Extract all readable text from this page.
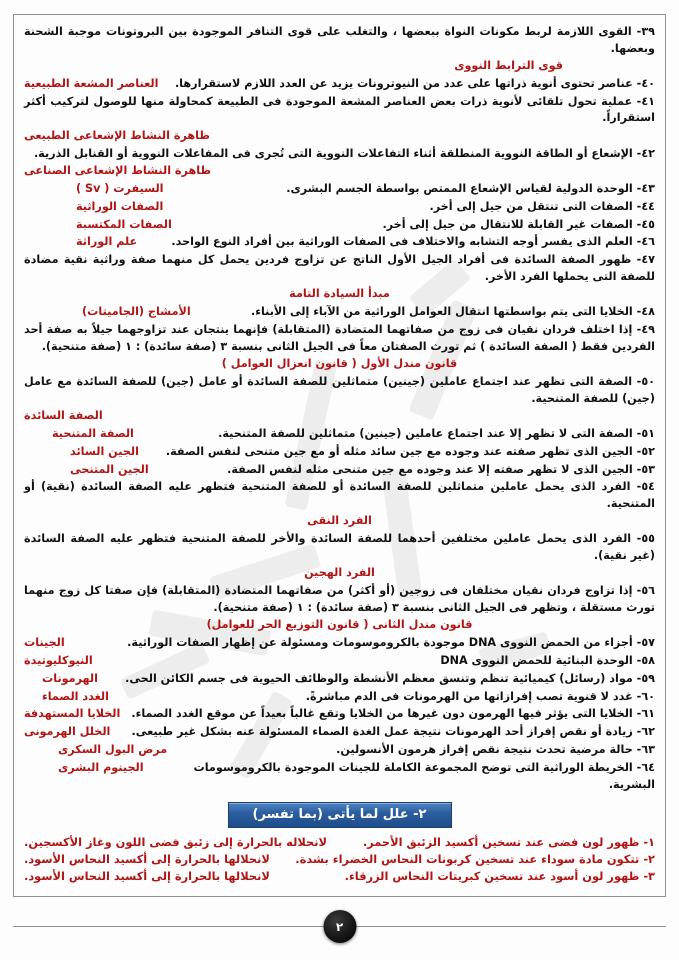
٣٩- القوى اللازمة لربط مكونات النواة ببعضها ، والتغلب على قوى التنافر الموجودة بين البروتونات موجبة الشحنة وبعضها.
قوى الترابط النووى
٤٠- عناصر تحتوى أنوية ذراتها على عدد من النيوترونات يزيد عن العدد اللازم لاستقرارها.
العناصر المشعة الطبيعية
٤١- عملية تحول تلقائى لأنوية ذرات بعض العناصر المشعة الموجودة فى الطبيعة كمحاولة منها للوصول لتركيب أكثر استقراراً.
ظاهرة النشاط الإشعاعى الطبيعى
٤٢- الإشعاع أو الطاقة النووية المنطلقة أثناء التفاعلات النووية التى تُجرى فى المفاعلات النووية أو القنابل الذرية.
ظاهرة النشاط الإشعاعى الصناعى
٤٣- الوحدة الدولية لقياس الإشعاع الممتص بواسطة الجسم البشرى.
السيفرت ( Sv )
٤٤- الصفات التى تنتقل من جيل إلى أخر.
الصفات الوراثية
٤٥- الصفات غير القابلة للانتقال من جيل إلى أخر.
الصفات المكتسبة
٤٦- العلم الذى يفسر أوجه التشابه والاختلاف فى الصفات الوراثية بين أفراد النوع الواحد.
علم الوراثة
٤٧- ظهور الصفة السائدة فى أفراد الجيل الأول الناتج عن تزاوج فردين يحمل كل منهما صفة وراثية نقية مضادة للصفة التى يحملها الفرد الأخر.
مبدأ السيادة التامة
٤٨- الخلايا التى يتم بواسطتها انتقال العوامل الوراثية من الآباء إلى الأبناء.
الأمشاج (الجاميتات)
٤٩- إذا اختلف فردان نقيان فى زوج من صفاتهما المتضادة (المتقابلة) فإنهما ينتجان عند تزاوجهما جيلاً به صفة أحد الفردين فقط ( الصفة السائدة ) ثم تورث الصفتان معاً فى الجيل الثانى بنسبة ٣ (صفة سائدة) : ١ (صفة متنحية).
قانون مندل الأول ( قانون انعزال العوامل )
٥٠- الصفة التى تظهر عند اجتماع عاملين (جينين) متماثلين للصفة السائدة أو عامل (جين) للصفة السائدة مع عامل (جين) للصفة المتنحية.
الصفة السائدة
٥١- الصفة التى لا تظهر إلا عند اجتماع عاملين (جينين) متماثلين للصفة المتنحية.
الصفة المتنحية
٥٢- الجين الذى تظهر صفته عند وجوده مع جين سائد مثله أو مع جين متنحى لنفس الصفة.
الجين السائد
٥٣- الجين الذى لا تظهر صفته إلا عند وجوده مع جين متنحى مثله لنفس الصفة.
الجين المتنحى
٥٤- الفرد الذى يحمل عاملين متماثلين للصفة السائدة أو للصفة المتنحية فتظهر عليه الصفة السائدة (نقية) أو المتنحية.
الفرد النقى
٥٥- الفرد الذى يحمل عاملين مختلفين أحدهما للصفة السائدة والأخر للصفة المتنحية فتظهر عليه الصفة السائدة (غير نقية).
الفرد الهجين
٥٦- إذا تزاوج فردان نقيان مختلفان فى زوجين (أو أكثر) من صفاتهما المتضادة (المتقابلة) فإن صفتا كل زوج منهما تورث مستقلة ، وتظهر فى الجيل الثانى بنسبة ٣ (صفة سائدة) : ١ (صفة متنحية).
قانون مندل الثانى ( قانون التوزيع الحر للعوامل)
٥٧- أجزاء من الحمض النووى DNA موجودة بالكروموسومات ومسئولة عن إظهار الصفات الوراثية.
الجينات
٥٨- الوحدة البنائية للحمض النووى DNA
النيوكليوتيدة
٥٩- مواد (رسائل) كيميائية تنظم وتنسق معظم الأنشطة والوظائف الحيوية فى جسم الكائن الحى.
الهرمونات
٦٠- غدد لا قنوية تصب إفرازاتها من الهرمونات فى الدم مباشرةً.
الغدد الصماء
٦١- الخلايا التى يؤثر فيها الهرمون دون غيرها من الخلايا وتقع غالباً بعيداً عن موقع الغدد الصماء.
الخلايا المستهدفة
٦٢- زيادة أو نقص إفراز أحد الهرمونات نتيجة عمل الغدة الصماء المسئولة عنه بشكل غير طبيعى.
الخلل الهرمونى
٦٣- حالة مرضية تحدث نتيجة نقص إفراز هرمون الأنسولين.
مرض البول السكرى
٦٤- الخريطة الوراثية التى توضح المجموعة الكاملة للجينات الموجودة بالكروموسومات البشرية.
الجينوم البشرى
٢- علل لما يأتى (بما تفسر)
١- ظهور لون فضى عند تسخين أكسيد الزئبق الأحمر.
لانحلاله بالحرارة إلى زئبق فضى اللون وغاز الأكسجين.
٢- تتكون مادة سوداء عند تسخين كربونات النحاس الخضراء بشدة.
لانحلالها بالحرارة إلى أكسيد النحاس الأسود.
٣- ظهور لون أسود عند تسخين كبريتات النحاس الزرقاء.
لانحلالها بالحرارة إلى أكسيد النحاس الأسود.
٢
